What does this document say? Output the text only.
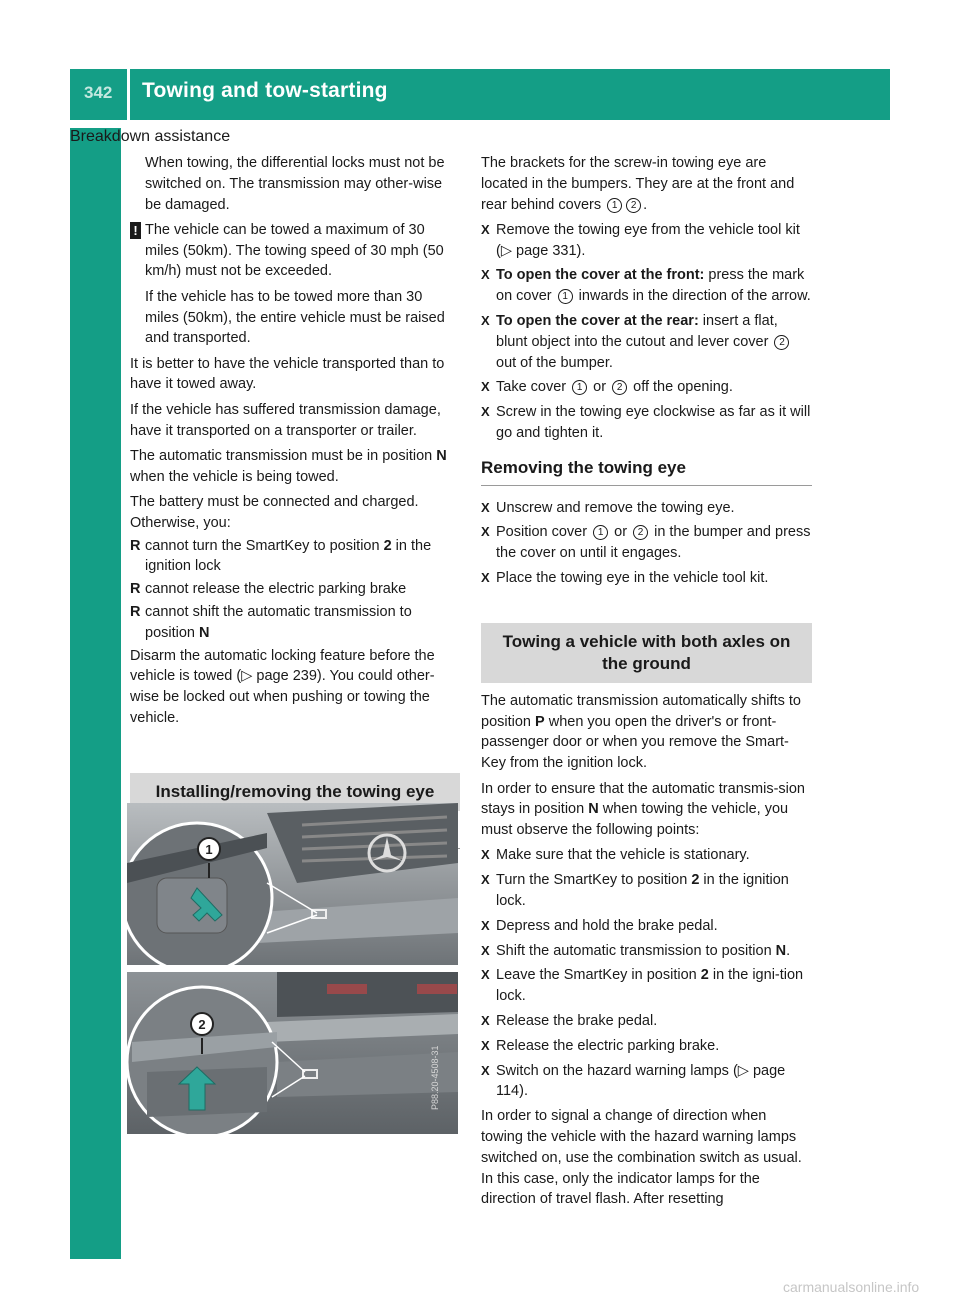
342 Towing and tow-starting
Breakdown assistance

When towing, the differential locks must not be switched on. The transmission may other-wise be damaged.

! The vehicle can be towed a maximum of 30 miles (50km). The towing speed of 30 mph (50 km/h) must not be exceeded.

If the vehicle has to be towed more than 30 miles (50km), the entire vehicle must be raised and transported.

It is better to have the vehicle transported than to have it towed away.

If the vehicle has suffered transmission damage, have it transported on a transporter or trailer.

The automatic transmission must be in position N when the vehicle is being towed.

The battery must be connected and charged. Otherwise, you:

R cannot turn the SmartKey to position 2 in the ignition lock
R cannot release the electric parking brake
R cannot shift the automatic transmission to position N

Disarm the automatic locking feature before the vehicle is towed (▷ page 239). You could other-wise be locked out when pushing or towing the vehicle.

Installing/removing the towing eye
1
2
P88.20-4508-31

The brackets for the screw-in towing eye are located in the bumpers. They are at the front and rear behind covers 1 2 .

X Remove the towing eye from the vehicle tool kit (▷ page 331).
X To open the cover at the front: press the mark on cover 1 inwards in the direction of the arrow.
X To open the cover at the rear: insert a flat, blunt object into the cutout and lever cover 2 out of the bumper.
X Take cover 1 or 2 off the opening.
X Screw in the towing eye clockwise as far as it will go and tighten it.
Removing the towing eye
X Unscrew and remove the towing eye.
X Position cover 1 or 2 in the bumper and press the cover on until it engages.
X Place the towing eye in the vehicle tool kit.
Towing a vehicle with both axles on the ground

The automatic transmission automatically shifts to position P when you open the driver's or front-passenger door or when you remove the Smart-Key from the ignition lock.

In order to ensure that the automatic transmis-sion stays in position N when towing the vehicle, you must observe the following points:

X Make sure that the vehicle is stationary.
X Turn the SmartKey to position 2 in the ignition lock.
X Depress and hold the brake pedal.
X Shift the automatic transmission to position N.
X Leave the SmartKey in position 2 in the igni-tion lock.
X Release the brake pedal.
X Release the electric parking brake.
X Switch on the hazard warning lamps (▷ page 114).

In order to signal a change of direction when towing the vehicle with the hazard warning lamps switched on, use the combination switch as usual. In this case, only the indicator lamps for the direction of travel flash. After resetting

carmanualsonline.info
